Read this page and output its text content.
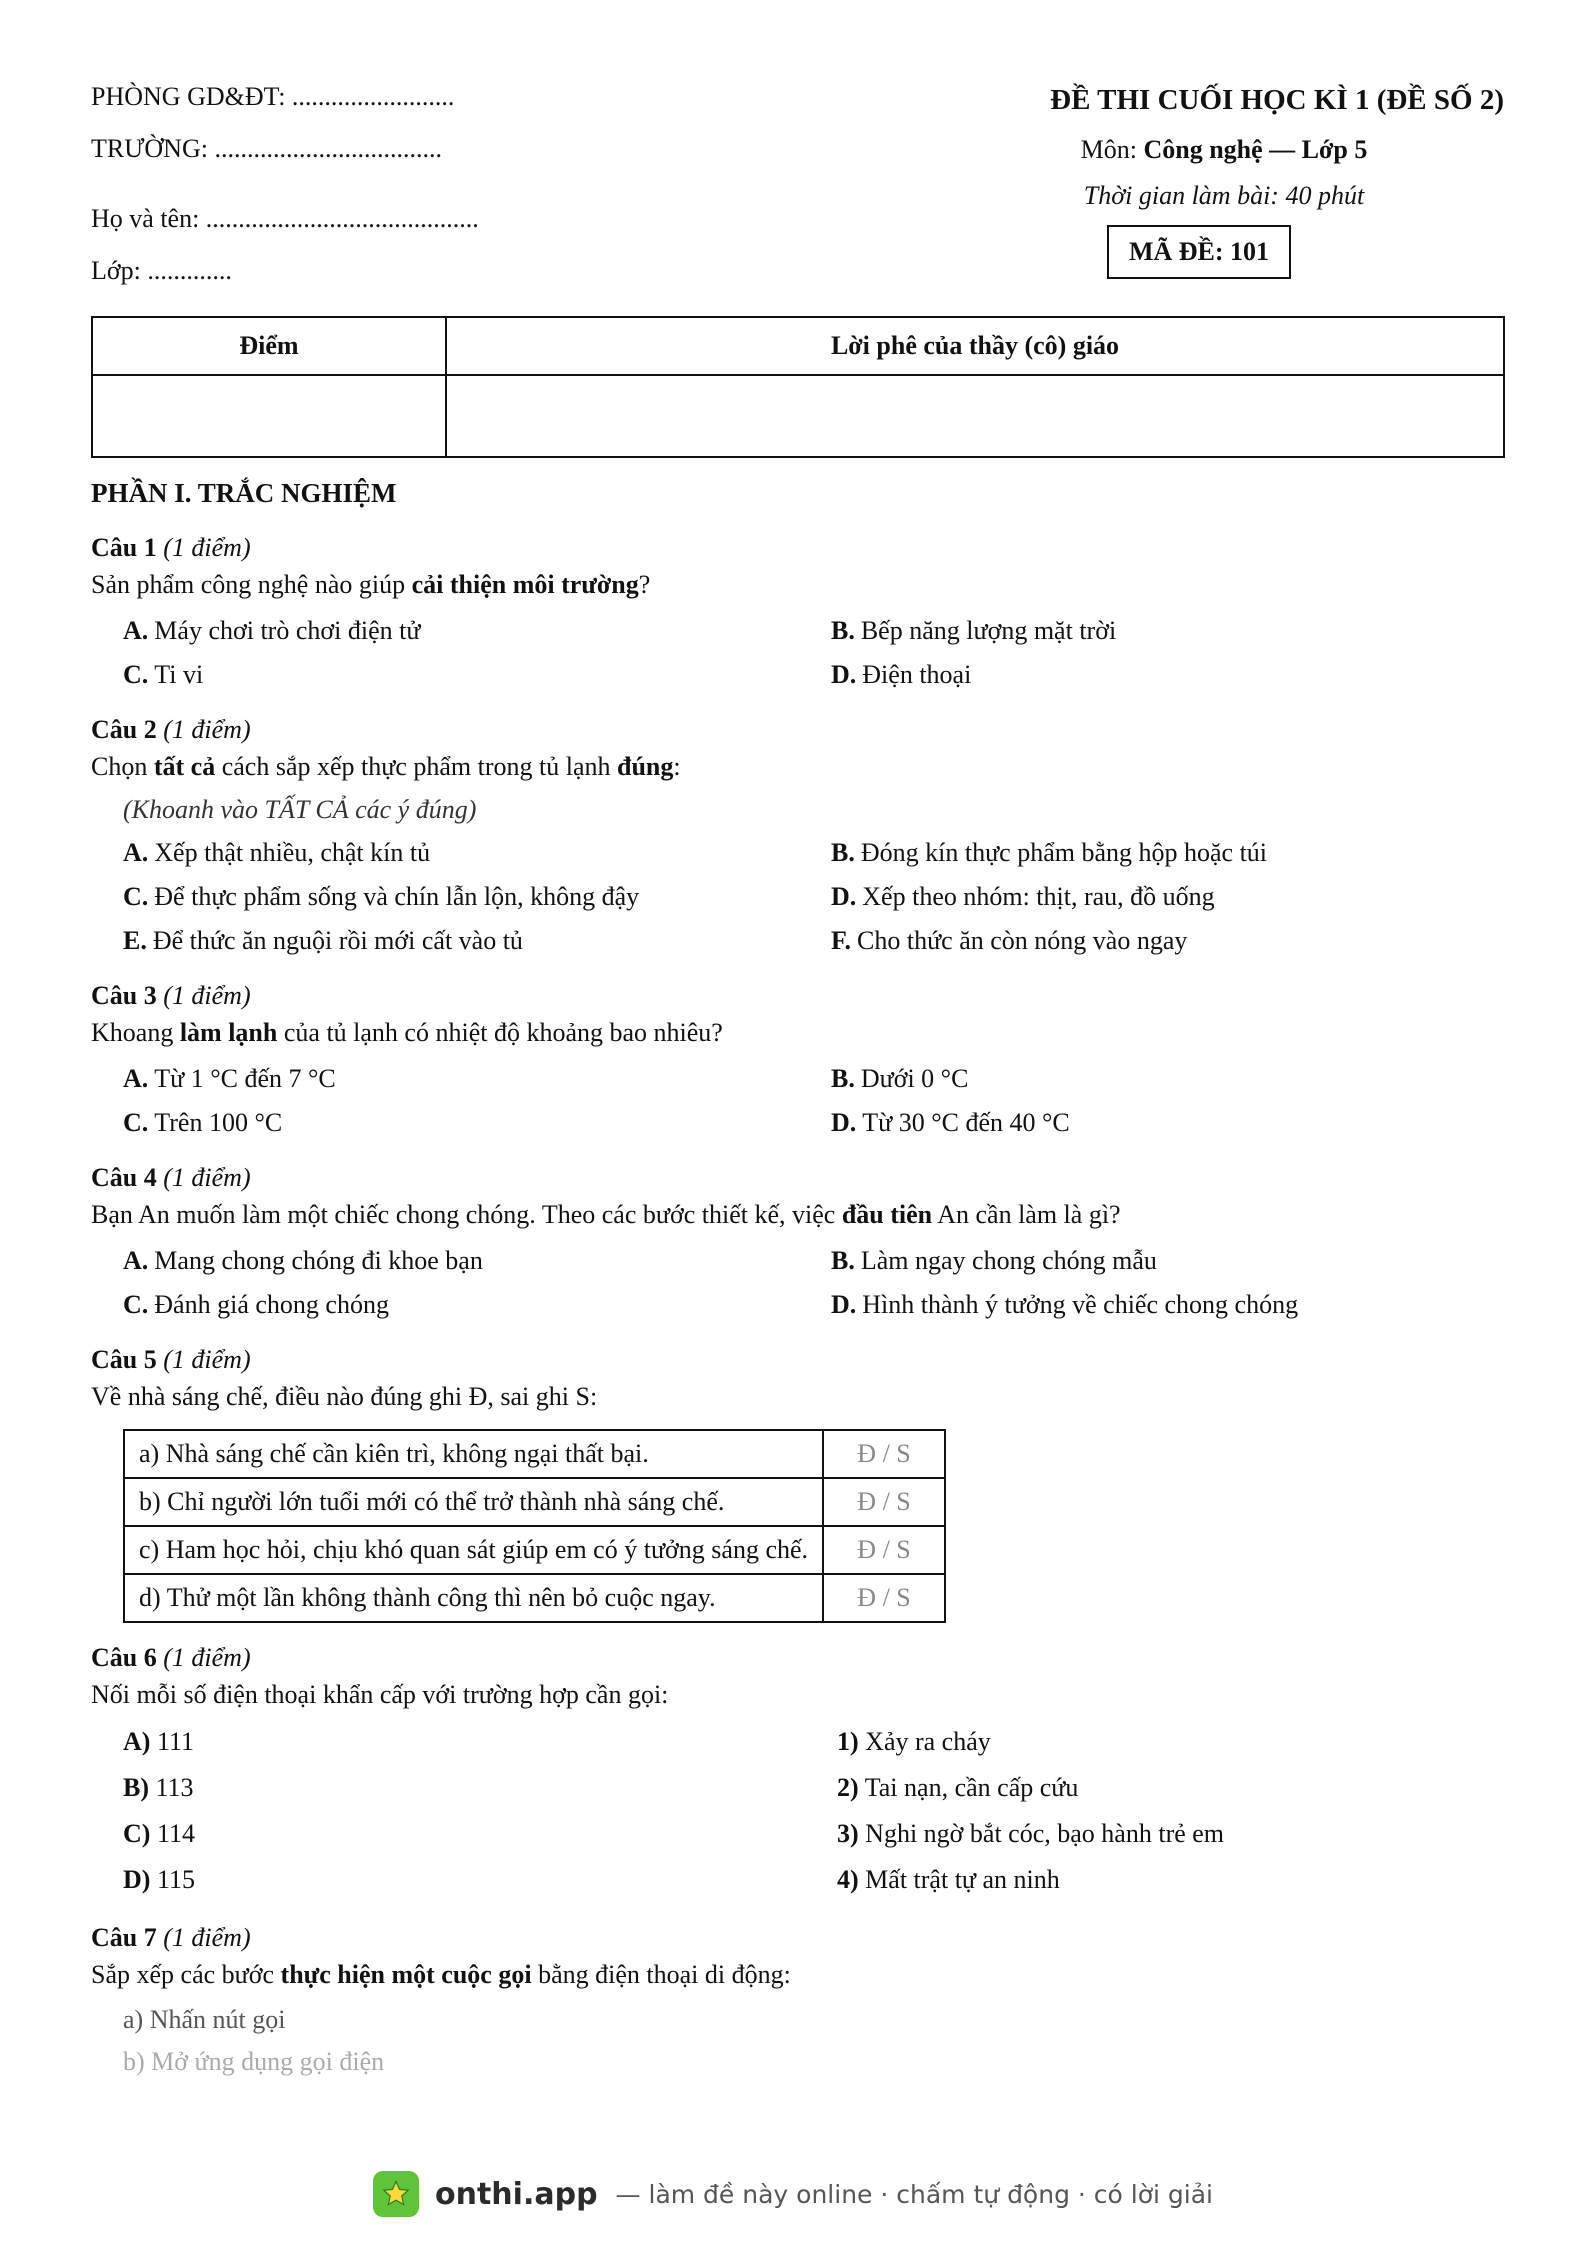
PHÒNG GD&ĐT: .........................
TRƯỜNG: ...................................
Họ và tên: ..........................................
Lớp: .............
ĐỀ THI CUỐI HỌC KÌ 1 (ĐỀ SỐ 2)
Môn: Công nghệ — Lớp 5
Thời gian làm bài: 40 phút
MÃ ĐỀ: 101
Điểm	Lời phê của thầy (cô) giáo

PHẦN I. TRẮC NGHIỆM
Câu 1 (1 điểm)
Sản phẩm công nghệ nào giúp cải thiện môi trường?
A. Máy chơi trò chơi điện tử	B. Bếp năng lượng mặt trời
C. Ti vi	D. Điện thoại
Câu 2 (1 điểm)
Chọn tất cả cách sắp xếp thực phẩm trong tủ lạnh đúng:
(Khoanh vào TẤT CẢ các ý đúng)
A. Xếp thật nhiều, chật kín tủ	B. Đóng kín thực phẩm bằng hộp hoặc túi
C. Để thực phẩm sống và chín lẫn lộn, không đậy	D. Xếp theo nhóm: thịt, rau, đồ uống
E. Để thức ăn nguội rồi mới cất vào tủ	F. Cho thức ăn còn nóng vào ngay
Câu 3 (1 điểm)
Khoang làm lạnh của tủ lạnh có nhiệt độ khoảng bao nhiêu?
A. Từ 1 °C đến 7 °C	B. Dưới 0 °C
C. Trên 100 °C	D. Từ 30 °C đến 40 °C
Câu 4 (1 điểm)
Bạn An muốn làm một chiếc chong chóng. Theo các bước thiết kế, việc đầu tiên An cần làm là gì?
A. Mang chong chóng đi khoe bạn	B. Làm ngay chong chóng mẫu
C. Đánh giá chong chóng	D. Hình thành ý tưởng về chiếc chong chóng
Câu 5 (1 điểm)
Về nhà sáng chế, điều nào đúng ghi Đ, sai ghi S:
a) Nhà sáng chế cần kiên trì, không ngại thất bại.	Đ / S
b) Chỉ người lớn tuổi mới có thể trở thành nhà sáng chế.	Đ / S
c) Ham học hỏi, chịu khó quan sát giúp em có ý tưởng sáng chế.	Đ / S
d) Thử một lần không thành công thì nên bỏ cuộc ngay.	Đ / S
Câu 6 (1 điểm)
Nối mỗi số điện thoại khẩn cấp với trường hợp cần gọi:
A) 111	1) Xảy ra cháy
B) 113	2) Tai nạn, cần cấp cứu
C) 114	3) Nghi ngờ bắt cóc, bạo hành trẻ em
D) 115	4) Mất trật tự an ninh
Câu 7 (1 điểm)
Sắp xếp các bước thực hiện một cuộc gọi bằng điện thoại di động:
a) Nhấn nút gọi
b) Mở ứng dụng gọi điện
onthi.app — làm đề này online · chấm tự động · có lời giải
